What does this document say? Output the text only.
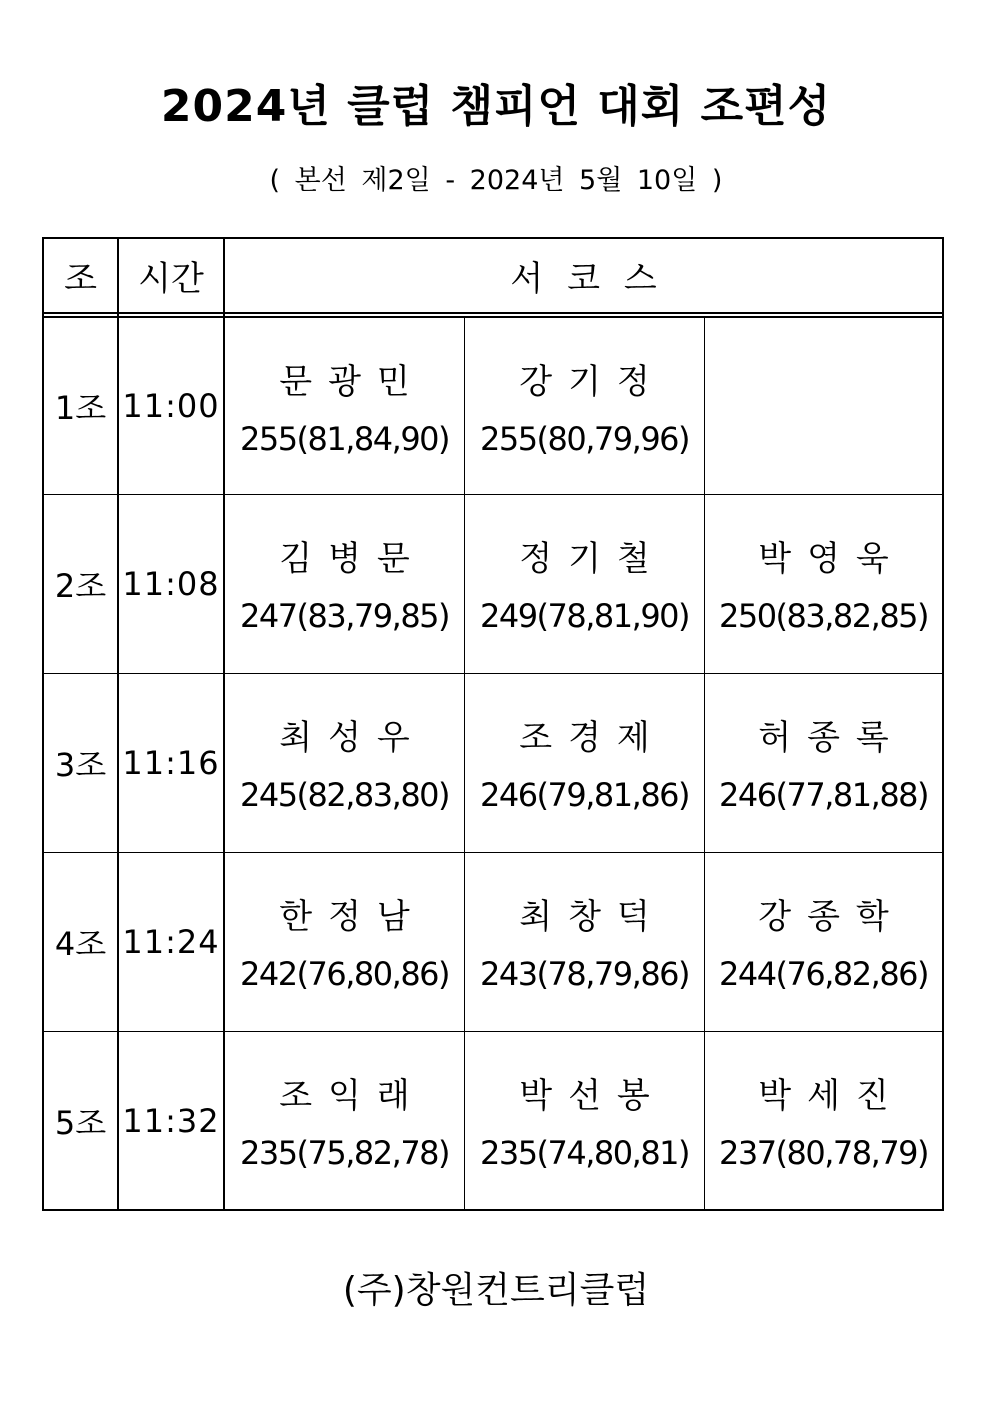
2024년 클럽 챔피언 대회 조편성
( 본선 제2일 - 2024년 5월 10일 )
조	시간	서코스
1조 11:00
문광민
255(81,84,90)
강기정
255(80,79,96)
2조 11:08
김병문
247(83,79,85)
정기철
249(78,81,90)
박영욱
250(83,82,85)
3조 11:16
최성우
245(82,83,80)
조경제
246(79,81,86)
허종록
246(77,81,88)
4조 11:24
한정남
242(76,80,86)
최창덕
243(78,79,86)
강종학
244(76,82,86)
5조 11:32
조익래
235(75,82,78)
박선봉
235(74,80,81)
박세진
237(80,78,79)
(주)창원컨트리클럽
